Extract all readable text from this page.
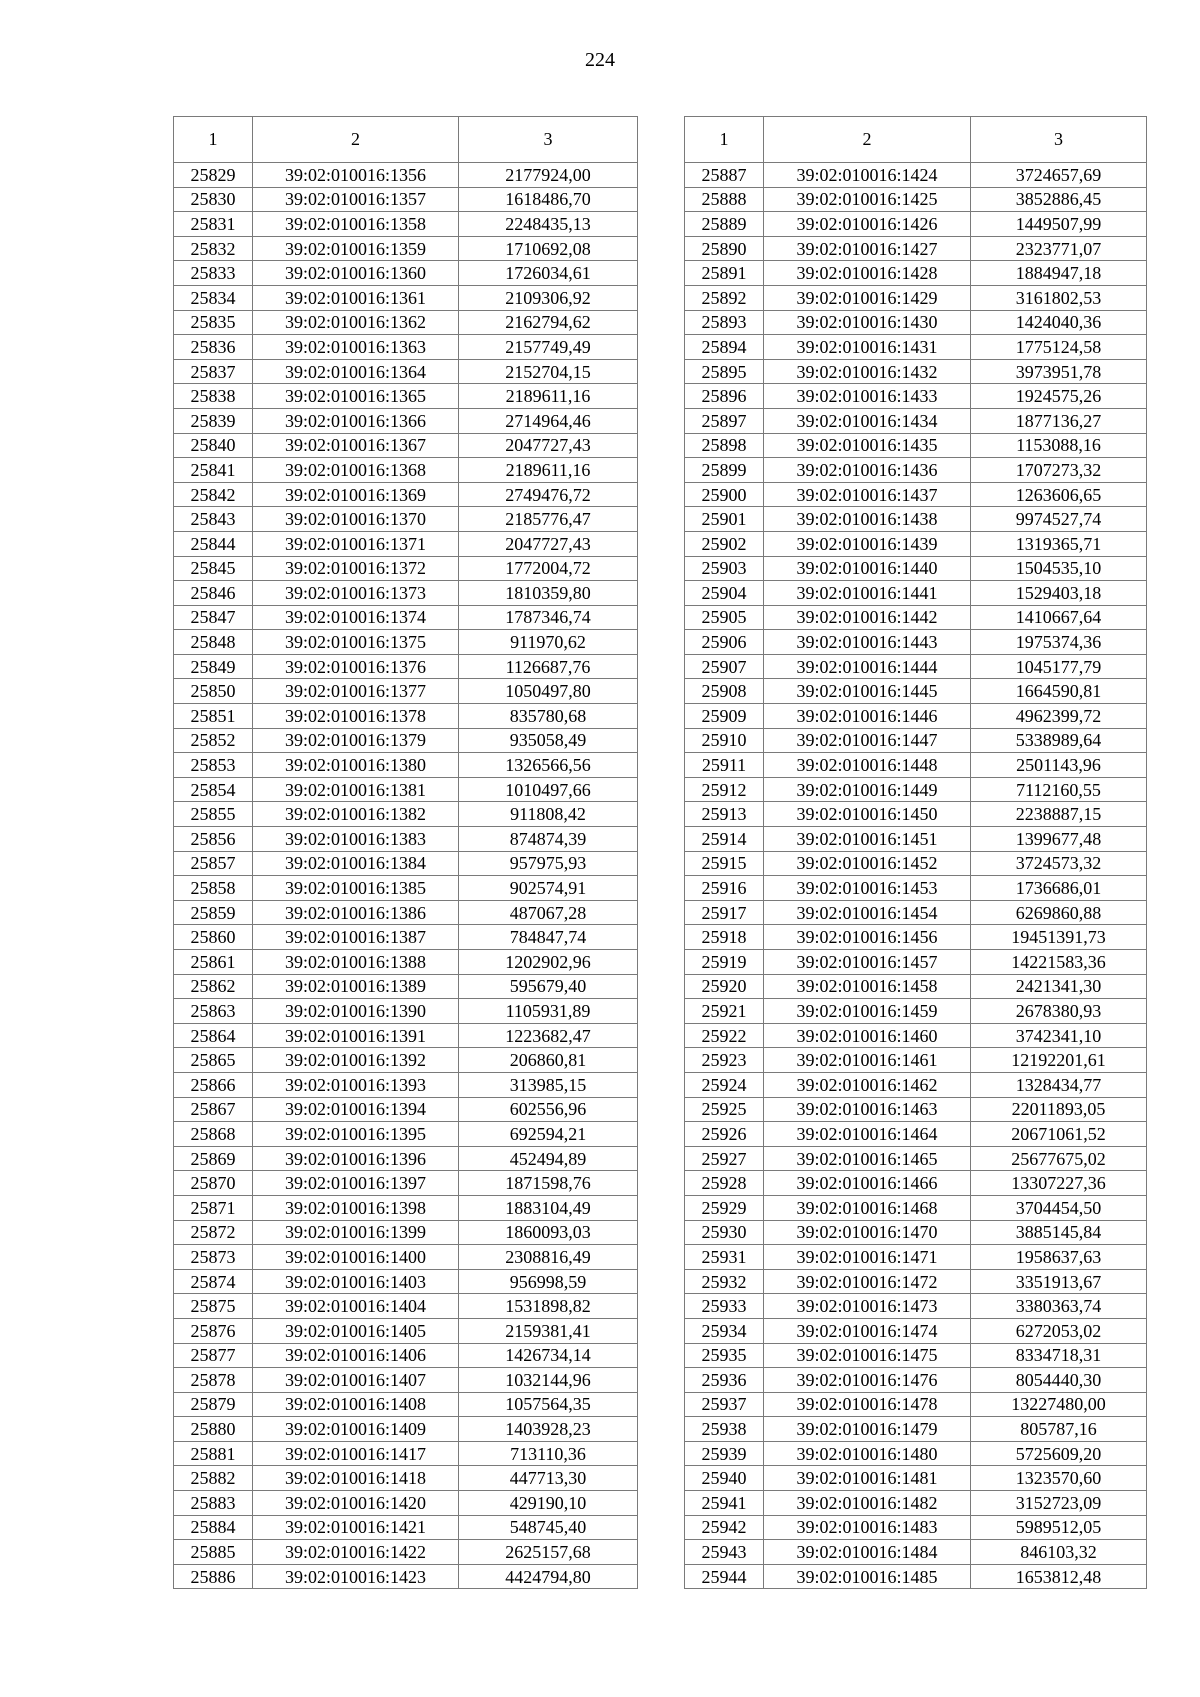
224
1	2	3
25829	39:02:010016:1356	2177924,00
25830	39:02:010016:1357	1618486,70
25831	39:02:010016:1358	2248435,13
25832	39:02:010016:1359	1710692,08
25833	39:02:010016:1360	1726034,61
25834	39:02:010016:1361	2109306,92
25835	39:02:010016:1362	2162794,62
25836	39:02:010016:1363	2157749,49
25837	39:02:010016:1364	2152704,15
25838	39:02:010016:1365	2189611,16
25839	39:02:010016:1366	2714964,46
25840	39:02:010016:1367	2047727,43
25841	39:02:010016:1368	2189611,16
25842	39:02:010016:1369	2749476,72
25843	39:02:010016:1370	2185776,47
25844	39:02:010016:1371	2047727,43
25845	39:02:010016:1372	1772004,72
25846	39:02:010016:1373	1810359,80
25847	39:02:010016:1374	1787346,74
25848	39:02:010016:1375	911970,62
25849	39:02:010016:1376	1126687,76
25850	39:02:010016:1377	1050497,80
25851	39:02:010016:1378	835780,68
25852	39:02:010016:1379	935058,49
25853	39:02:010016:1380	1326566,56
25854	39:02:010016:1381	1010497,66
25855	39:02:010016:1382	911808,42
25856	39:02:010016:1383	874874,39
25857	39:02:010016:1384	957975,93
25858	39:02:010016:1385	902574,91
25859	39:02:010016:1386	487067,28
25860	39:02:010016:1387	784847,74
25861	39:02:010016:1388	1202902,96
25862	39:02:010016:1389	595679,40
25863	39:02:010016:1390	1105931,89
25864	39:02:010016:1391	1223682,47
25865	39:02:010016:1392	206860,81
25866	39:02:010016:1393	313985,15
25867	39:02:010016:1394	602556,96
25868	39:02:010016:1395	692594,21
25869	39:02:010016:1396	452494,89
25870	39:02:010016:1397	1871598,76
25871	39:02:010016:1398	1883104,49
25872	39:02:010016:1399	1860093,03
25873	39:02:010016:1400	2308816,49
25874	39:02:010016:1403	956998,59
25875	39:02:010016:1404	1531898,82
25876	39:02:010016:1405	2159381,41
25877	39:02:010016:1406	1426734,14
25878	39:02:010016:1407	1032144,96
25879	39:02:010016:1408	1057564,35
25880	39:02:010016:1409	1403928,23
25881	39:02:010016:1417	713110,36
25882	39:02:010016:1418	447713,30
25883	39:02:010016:1420	429190,10
25884	39:02:010016:1421	548745,40
25885	39:02:010016:1422	2625157,68
25886	39:02:010016:1423	4424794,80
1	2	3
25887	39:02:010016:1424	3724657,69
25888	39:02:010016:1425	3852886,45
25889	39:02:010016:1426	1449507,99
25890	39:02:010016:1427	2323771,07
25891	39:02:010016:1428	1884947,18
25892	39:02:010016:1429	3161802,53
25893	39:02:010016:1430	1424040,36
25894	39:02:010016:1431	1775124,58
25895	39:02:010016:1432	3973951,78
25896	39:02:010016:1433	1924575,26
25897	39:02:010016:1434	1877136,27
25898	39:02:010016:1435	1153088,16
25899	39:02:010016:1436	1707273,32
25900	39:02:010016:1437	1263606,65
25901	39:02:010016:1438	9974527,74
25902	39:02:010016:1439	1319365,71
25903	39:02:010016:1440	1504535,10
25904	39:02:010016:1441	1529403,18
25905	39:02:010016:1442	1410667,64
25906	39:02:010016:1443	1975374,36
25907	39:02:010016:1444	1045177,79
25908	39:02:010016:1445	1664590,81
25909	39:02:010016:1446	4962399,72
25910	39:02:010016:1447	5338989,64
25911	39:02:010016:1448	2501143,96
25912	39:02:010016:1449	7112160,55
25913	39:02:010016:1450	2238887,15
25914	39:02:010016:1451	1399677,48
25915	39:02:010016:1452	3724573,32
25916	39:02:010016:1453	1736686,01
25917	39:02:010016:1454	6269860,88
25918	39:02:010016:1456	19451391,73
25919	39:02:010016:1457	14221583,36
25920	39:02:010016:1458	2421341,30
25921	39:02:010016:1459	2678380,93
25922	39:02:010016:1460	3742341,10
25923	39:02:010016:1461	12192201,61
25924	39:02:010016:1462	1328434,77
25925	39:02:010016:1463	22011893,05
25926	39:02:010016:1464	20671061,52
25927	39:02:010016:1465	25677675,02
25928	39:02:010016:1466	13307227,36
25929	39:02:010016:1468	3704454,50
25930	39:02:010016:1470	3885145,84
25931	39:02:010016:1471	1958637,63
25932	39:02:010016:1472	3351913,67
25933	39:02:010016:1473	3380363,74
25934	39:02:010016:1474	6272053,02
25935	39:02:010016:1475	8334718,31
25936	39:02:010016:1476	8054440,30
25937	39:02:010016:1478	13227480,00
25938	39:02:010016:1479	805787,16
25939	39:02:010016:1480	5725609,20
25940	39:02:010016:1481	1323570,60
25941	39:02:010016:1482	3152723,09
25942	39:02:010016:1483	5989512,05
25943	39:02:010016:1484	846103,32
25944	39:02:010016:1485	1653812,48
